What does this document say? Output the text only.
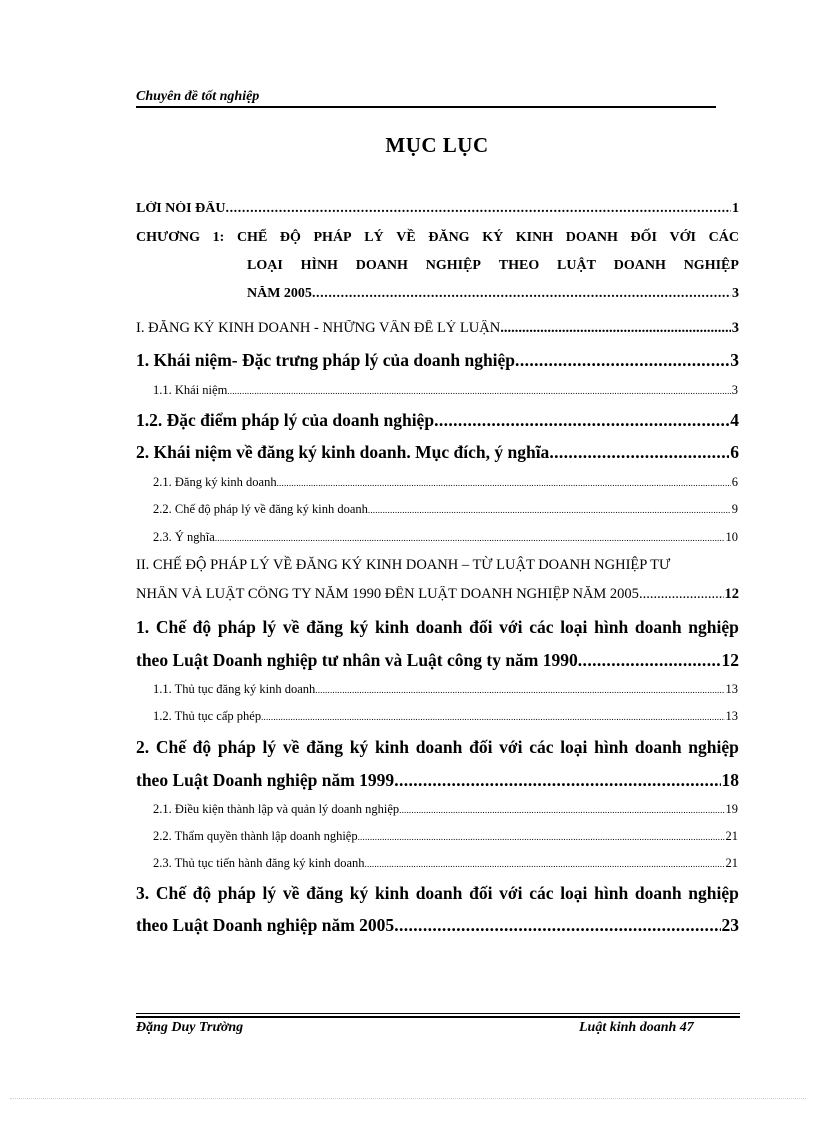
Chuyên đề tốt nghiệp
MỤC LỤC
LỜI NÓI ĐẦU .....	1
CHƯƠNG 1: CHẾ ĐỘ PHÁP LÝ VỀ ĐĂNG KÝ KINH DOANH ĐỐI VỚI CÁC
LOẠI HÌNH DOANH NGHIỆP THEO LUẬT DOANH NGHIỆP
NĂM 2005 .....	3
I. ĐĂNG KÝ KINH DOANH - NHỮNG VẤN ĐỀ LÝ LUẬN .....	3
1. Khái niệm- Đặc trưng pháp lý của doanh nghiệp .....	3
1.1. Khái niệm .....	3
1.2. Đặc điểm pháp lý của doanh nghiệp .....	4
2. Khái niệm về đăng ký kinh doanh. Mục đích, ý nghĩa .....	6
2.1. Đăng ký kinh doanh .....	6
2.2. Chế độ pháp lý về đăng ký kinh doanh .....	9
2.3. Ý nghĩa .....	10
II. CHẾ ĐỘ PHÁP LÝ VỀ ĐĂNG KÝ KINH DOANH – TỪ LUẬT DOANH NGHIỆP TƯ
NHÂN VÀ LUẬT CÔNG TY NĂM 1990 ĐẾN LUẬT DOANH NGHIỆP NĂM 2005 .....	12
1. Chế độ pháp lý về đăng ký kinh doanh đối với các loại hình doanh nghiệp
theo Luật Doanh nghiệp tư nhân và Luật công ty năm 1990 .....	12
1.1. Thủ tục đăng ký kinh doanh .....	13
1.2. Thủ tục cấp phép .....	13
2. Chế độ pháp lý về đăng ký kinh doanh đối với các loại hình doanh nghiệp
theo Luật Doanh nghiệp năm 1999 .....	18
2.1. Điều kiện thành lập và quản lý doanh nghiệp .....	19
2.2. Thẩm quyền thành lập doanh nghiệp .....	21
2.3. Thủ tục tiến hành đăng ký kinh doanh .....	21
3. Chế độ pháp lý về đăng ký kinh doanh đối với các loại hình doanh nghiệp
theo Luật Doanh nghiệp năm 2005 .....	23
Đặng Duy Trường	Luật kinh doanh 47
